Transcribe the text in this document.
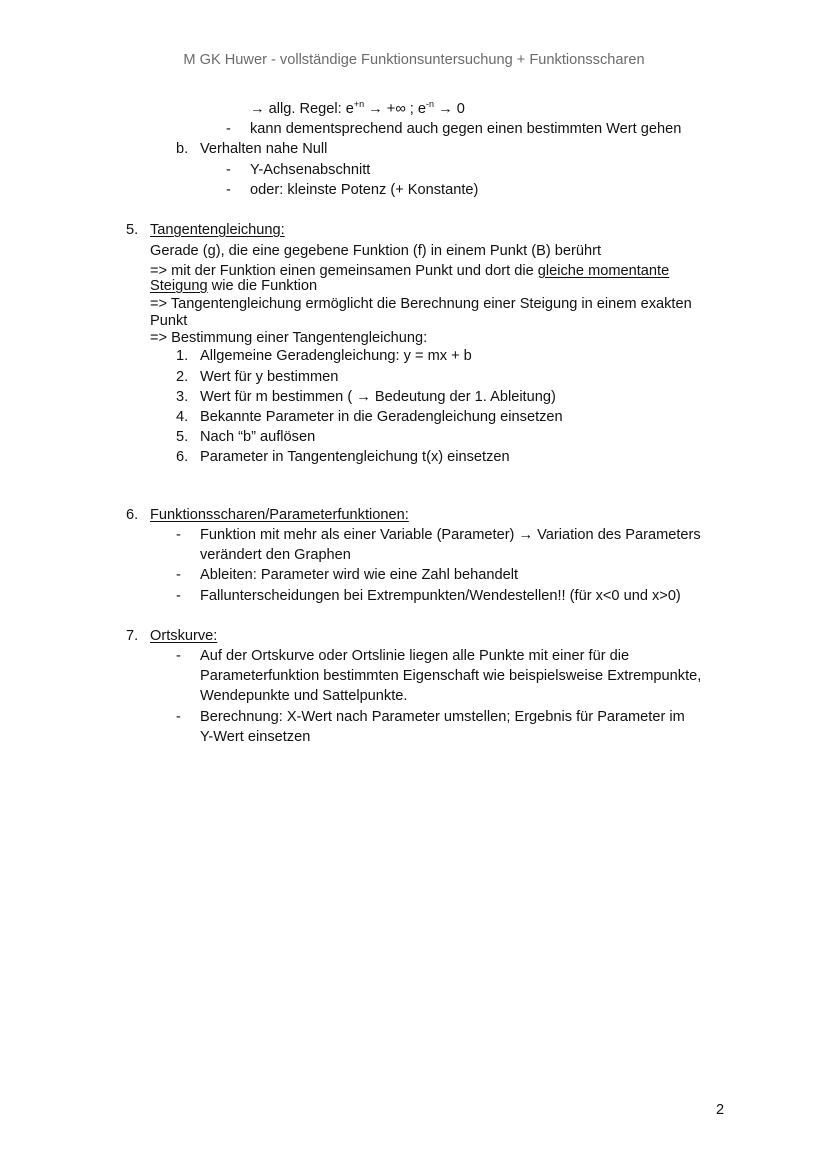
M GK Huwer - vollständige Funktionsuntersuchung + Funktionsscharen
→ allg. Regel: $e^{+n}$ → +∞ ; $e^{-n} \to 0$
- kann dementsprechend auch gegen einen bestimmten Wert gehen
b. Verhalten nahe Null
- Y-Achsenabschnitt
- oder: kleinste Potenz (+ Konstante)
5. Tangentengleichung:
Gerade (g), die eine gegebene Funktion (f) in einem Punkt (B) berührt
=> mit der Funktion einen gemeinsamen Punkt und dort die gleiche momentante
Steigung wie die Funktion
=> Tangentengleichung ermöglicht die Berechnung einer Steigung in einem exakten
Punkt
=> Bestimmung einer Tangentengleichung:
1. Allgemeine Geradengleichung: y = mx + b
2. Wert für y bestimmen
3. Wert für m bestimmen ( → Bedeutung der 1. Ableitung)
4. Bekannte Parameter in die Geradengleichung einsetzen
5. Nach “b” auflösen
6. Parameter in Tangentengleichung t(x) einsetzen
6. Funktionsscharen/Parameterfunktionen:
- Funktion mit mehr als einer Variable (Parameter) → Variation des Parameters
verändert den Graphen
- Ableiten: Parameter wird wie eine Zahl behandelt
- Fallunterscheidungen bei Extrempunkten/Wendestellen!! (für x<0 und x>0)
7. Ortskurve:
- Auf der Ortskurve oder Ortslinie liegen alle Punkte mit einer für die
Parameterfunktion bestimmten Eigenschaft wie beispielsweise Extrempunkte,
Wendepunkte und Sattelpunkte.
- Berechnung: X-Wert nach Parameter umstellen; Ergebnis für Parameter im
Y-Wert einsetzen
2
